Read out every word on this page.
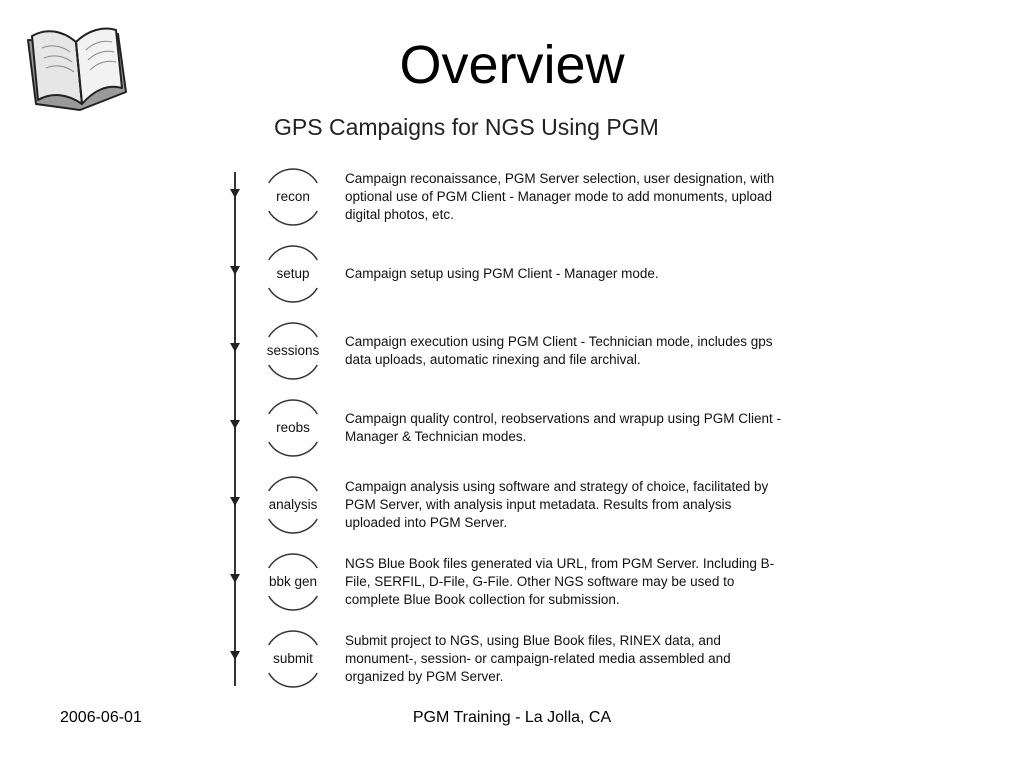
Overview
GPS Campaigns for NGS Using PGM
recon
setup
sessions
reobs
analysis
bbk gen
submit
Campaign reconaissance, PGM Server selection, user designation, with optional use of PGM Client - Manager mode to add monuments, upload digital photos, etc.
Campaign setup using PGM Client - Manager mode.
Campaign execution using PGM Client - Technician mode, includes gps data uploads, automatic rinexing and file archival.
Campaign quality control, reobservations and wrapup using PGM Client - Manager & Technician modes.
Campaign analysis using software and strategy of choice, facilitated by PGM Server, with analysis input metadata. Results from analysis uploaded into PGM Server.
NGS Blue Book files generated via URL, from PGM Server. Including B-File, SERFIL, D-File, G-File. Other NGS software may be used to complete Blue Book collection for submission.
Submit project to NGS, using Blue Book files, RINEX data, and monument-, session- or campaign-related media assembled and organized by PGM Server.
2006-06-01	PGM Training - La Jolla, CA
